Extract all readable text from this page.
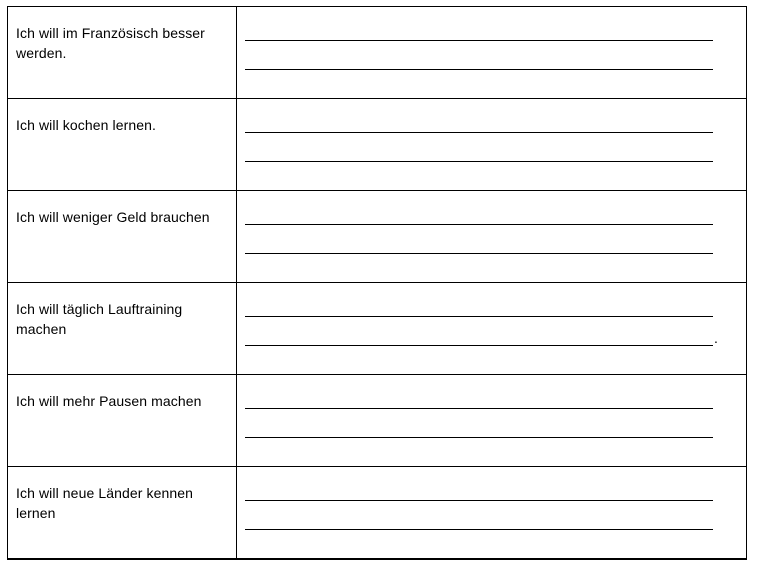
Ich will im Französisch besser werden.	

Ich will kochen lernen.	

Ich will weniger Geld brauchen	

Ich will täglich Lauftraining machen	.

Ich will mehr Pausen machen	

Ich will neue Länder kennen lernen	
